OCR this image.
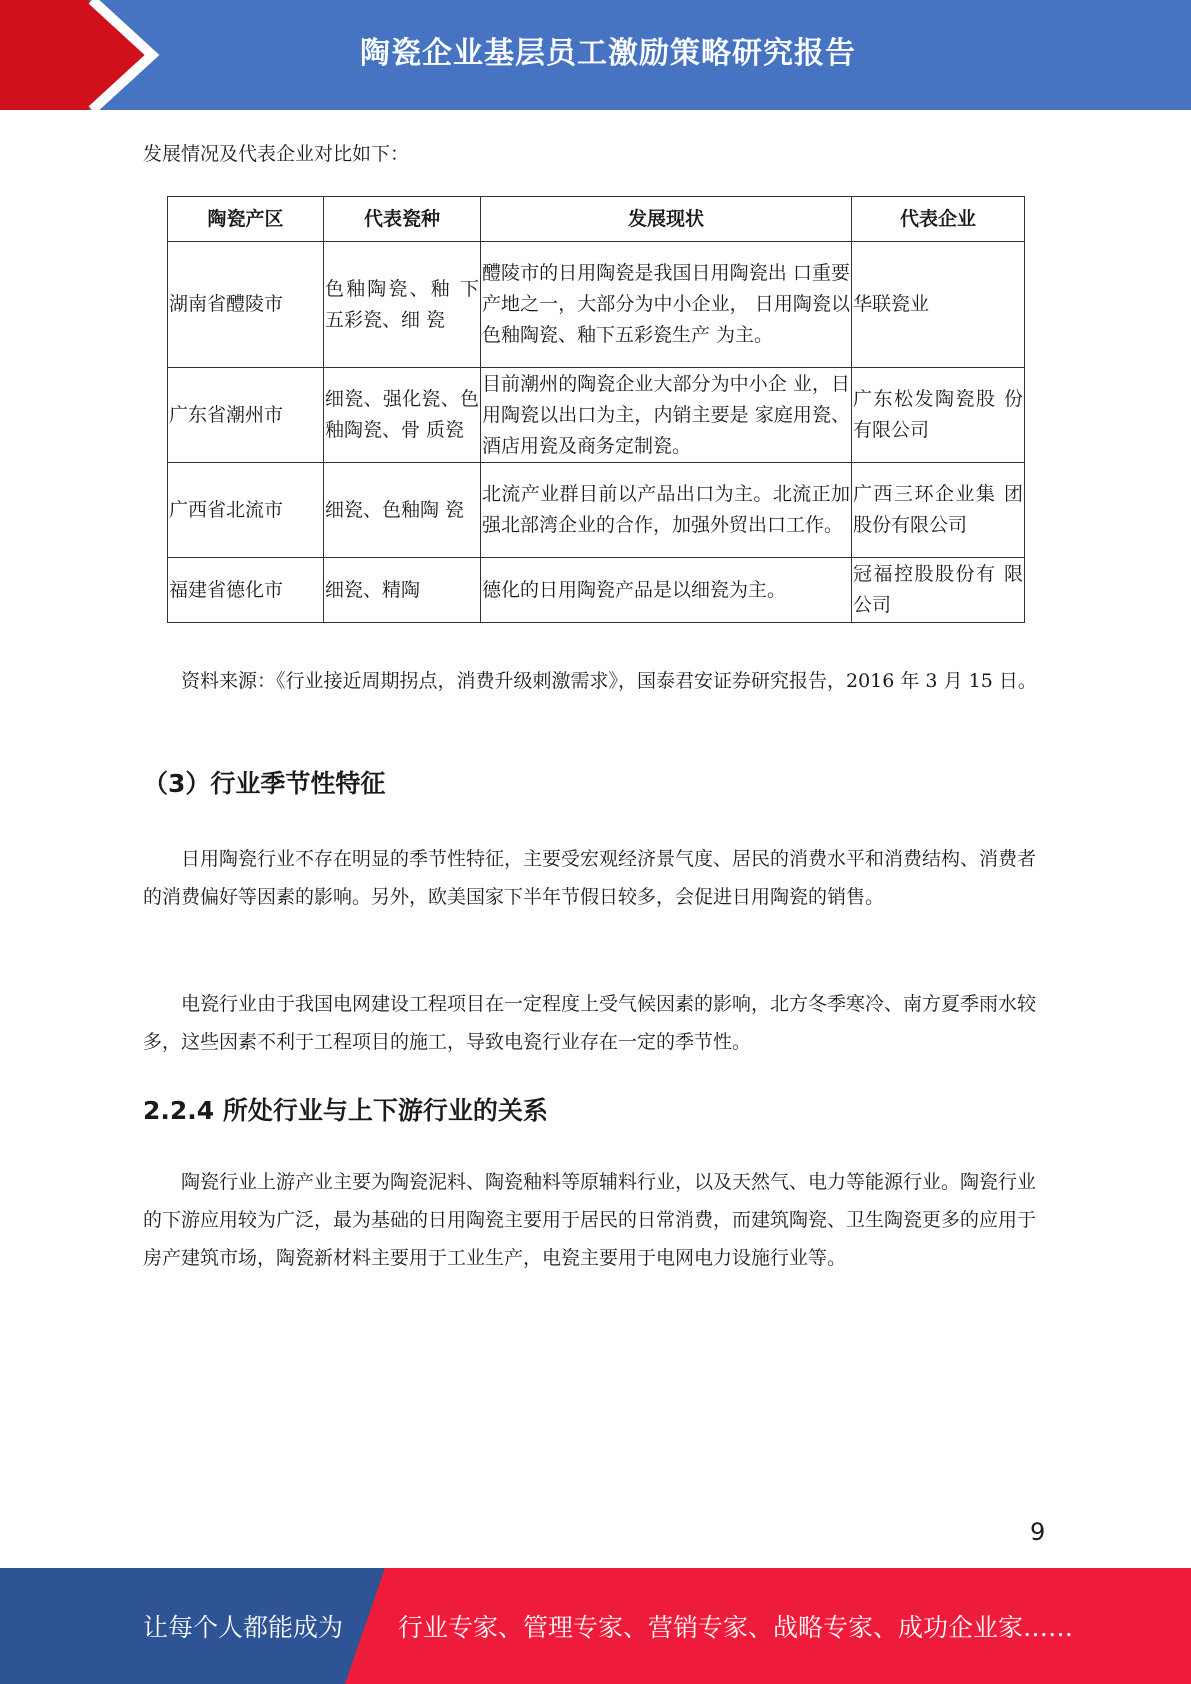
陶瓷企业基层员工激励策略研究报告

发展情况及代表企业对比如下：

陶瓷产区	代表瓷种	发展现状	代表企业
湖南省醴陵市	色釉陶瓷、釉 下五彩瓷、细 瓷	醴陵市的日用陶瓷是我国日用陶瓷出 口重要产地之一，大部分为中小企业， 日用陶瓷以色釉陶瓷、釉下五彩瓷生产 为主。	华联瓷业
广东省潮州市	细瓷、强化瓷、色釉陶瓷、骨 质瓷	目前潮州的陶瓷企业大部分为中小企 业，日用陶瓷以出口为主，内销主要是 家庭用瓷、酒店用瓷及商务定制瓷。	广东松发陶瓷股 份有限公司
广西省北流市	细瓷、色釉陶 瓷	北流产业群目前以产品出口为主。北流正加强北部湾企业的合作，加强外贸出口工作。	广西三环企业集 团股份有限公司
福建省德化市	细瓷、精陶	德化的日用陶瓷产品是以细瓷为主。	冠福控股股份有 限公司

资料来源：《行业接近周期拐点，消费升级刺激需求》，国泰君安证券研究报告，2016 年 3 月 15 日。

（3）行业季节性特征

日用陶瓷行业不存在明显的季节性特征，主要受宏观经济景气度、居民的消费水平和消费结构、消费者的消费偏好等因素的影响。另外，欧美国家下半年节假日较多，会促进日用陶瓷的销售。

电瓷行业由于我国电网建设工程项目在一定程度上受气候因素的影响，北方冬季寒冷、南方夏季雨水较多，这些因素不利于工程项目的施工，导致电瓷行业存在一定的季节性。

2.2.4 所处行业与上下游行业的关系

陶瓷行业上游产业主要为陶瓷泥料、陶瓷釉料等原辅料行业，以及天然气、电力等能源行业。陶瓷行业的下游应用较为广泛，最为基础的日用陶瓷主要用于居民的日常消费，而建筑陶瓷、卫生陶瓷更多的应用于房产建筑市场，陶瓷新材料主要用于工业生产，电瓷主要用于电网电力设施行业等。

9
让每个人都能成为 行业专家、管理专家、营销专家、战略专家、成功企业家……
